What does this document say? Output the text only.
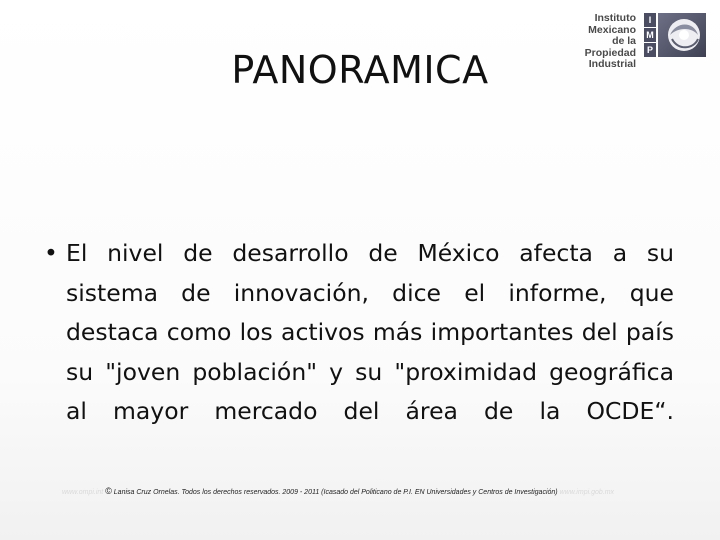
Instituto
Mexicano
de la Propiedad
Industrial
I
M
P
PANORAMICA
• El nivel de desarrollo de México afecta a su sistema de innovación, dice el informe, que destaca como los activos más importantes del país su "joven población" y su "proximidad geográfica al mayor mercado del área de la OCDE“.
www.ompi.int © Lanisa Cruz Ornelas. Todos los derechos reservados. 2009 - 2011 (Icasado del Politicano de P.I. EN Universidades y Centros de Investigación) www.impi.gob.mx
